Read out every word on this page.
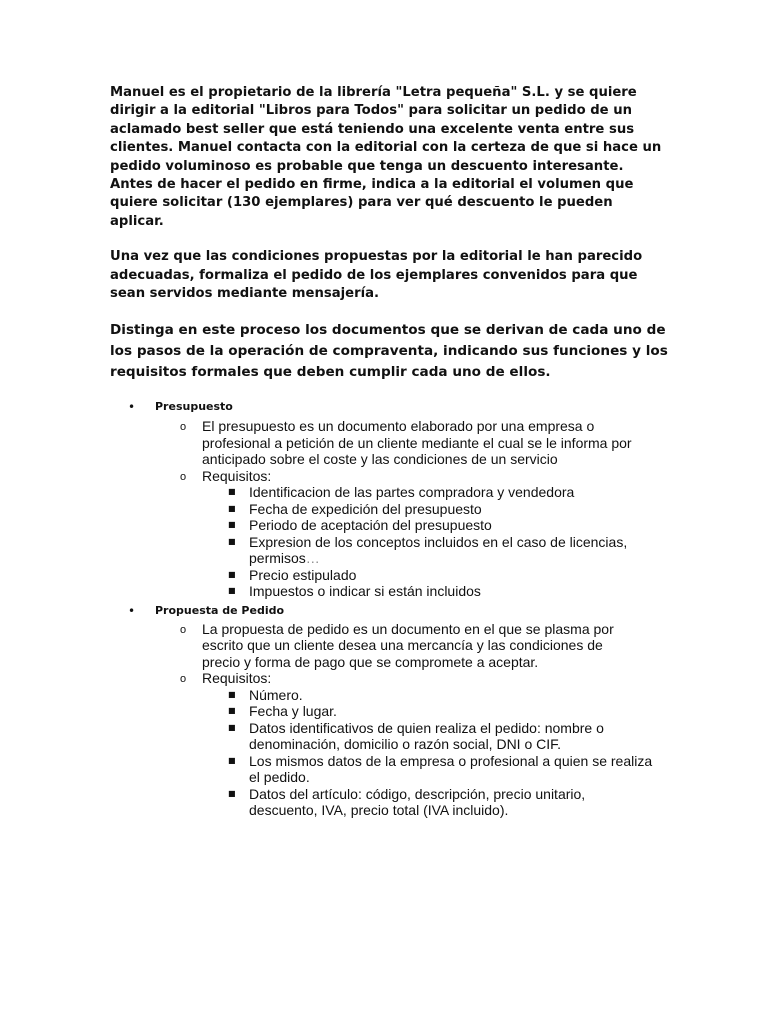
Manuel es el propietario de la librería "Letra pequeña" S.L. y se quiere dirigir a la editorial "Libros para Todos" para solicitar un pedido de un aclamado best seller que está teniendo una excelente venta entre sus clientes. Manuel contacta con la editorial con la certeza de que si hace un pedido voluminoso es probable que tenga un descuento interesante. Antes de hacer el pedido en firme, indica a la editorial el volumen que quiere solicitar (130 ejemplares) para ver qué descuento le pueden aplicar.

Una vez que las condiciones propuestas por la editorial le han parecido adecuadas, formaliza el pedido de los ejemplares convenidos para que sean servidos mediante mensajería.

Distinga en este proceso los documentos que se derivan de cada uno de los pasos de la operación de compraventa, indicando sus funciones y los requisitos formales que deben cumplir cada uno de ellos.

• Presupuesto
o El presupuesto es un documento elaborado por una empresa o profesional a petición de un cliente mediante el cual se le informa por anticipado sobre el coste y las condiciones de un servicio
o Requisitos:
■ Identificacion de las partes compradora y vendedora
■ Fecha de expedición del presupuesto
■ Periodo de aceptación del presupuesto
■ Expresion de los conceptos incluidos en el caso de licencias, permisos…
■ Precio estipulado
■ Impuestos o indicar si están incluidos
• Propuesta de Pedido
o La propuesta de pedido es un documento en el que se plasma por escrito que un cliente desea una mercancía y las condiciones de precio y forma de pago que se compromete a aceptar.
o Requisitos:
■ Número.
■ Fecha y lugar.
■ Datos identificativos de quien realiza el pedido: nombre o denominación, domicilio o razón social, DNI o CIF.
■ Los mismos datos de la empresa o profesional a quien se realiza el pedido.
■ Datos del artículo: código, descripción, precio unitario, descuento, IVA, precio total (IVA incluido).
